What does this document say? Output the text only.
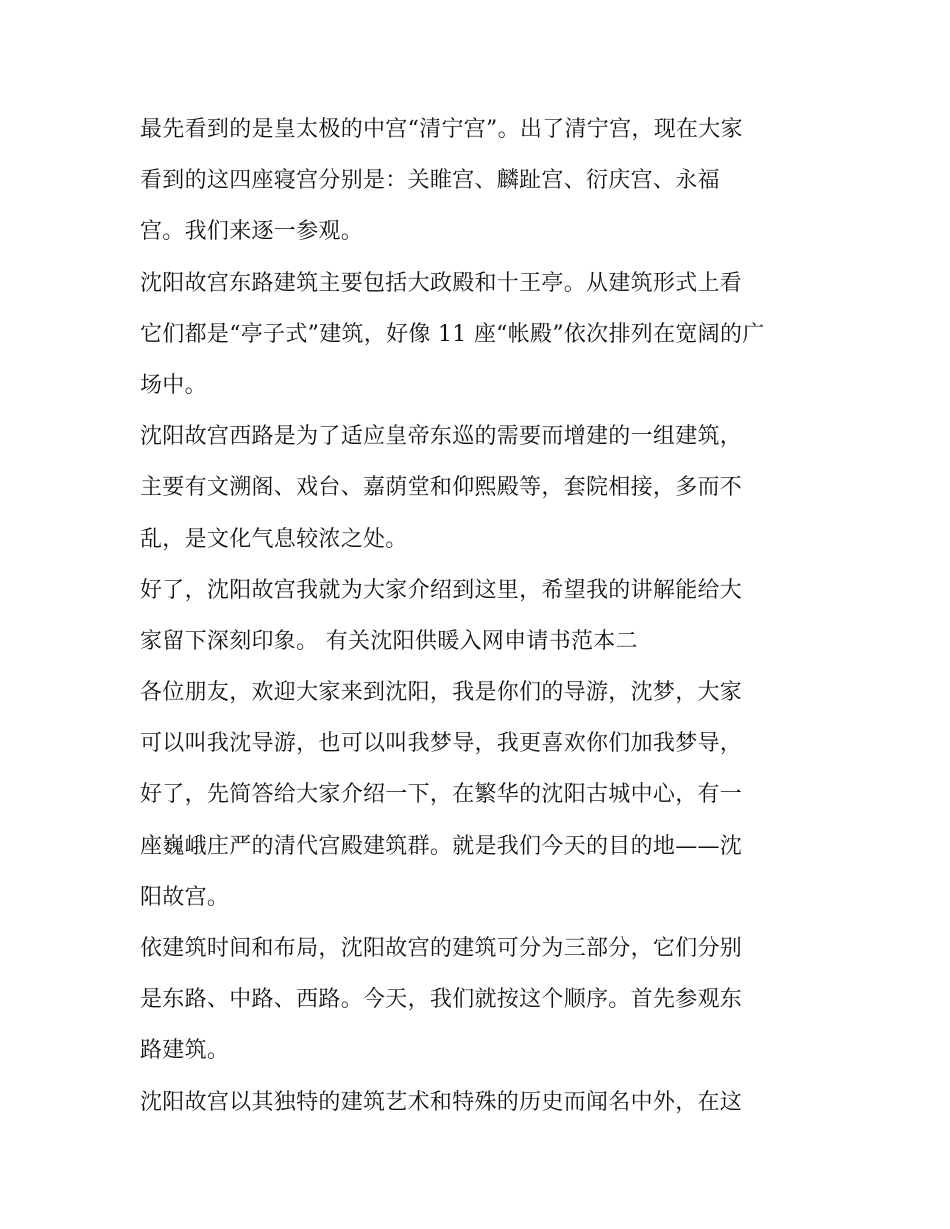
最先看到的是皇太极的中宫“清宁宫”。出了清宁宫，现在大家
看到的这四座寝宫分别是：关睢宫、麟趾宫、衍庆宫、永福
宫。我们来逐一参观。
沈阳故宫东路建筑主要包括大政殿和十王亭。从建筑形式上看
它们都是“亭子式”建筑，好像 11 座“帐殿”依次排列在宽阔的广
场中。
沈阳故宫西路是为了适应皇帝东巡的需要而增建的一组建筑，
主要有文溯阁、戏台、嘉荫堂和仰熙殿等，套院相接，多而不
乱，是文化气息较浓之处。
好了，沈阳故宫我就为大家介绍到这里，希望我的讲解能给大
家留下深刻印象。 有关沈阳供暖入网申请书范本二
各位朋友，欢迎大家来到沈阳，我是你们的导游，沈梦，大家
可以叫我沈导游，也可以叫我梦导，我更喜欢你们加我梦导，
好了，先简答给大家介绍一下，在繁华的沈阳古城中心，有一
座巍峨庄严的清代宫殿建筑群。就是我们今天的目的地——沈
阳故宫。
依建筑时间和布局，沈阳故宫的建筑可分为三部分，它们分别
是东路、中路、西路。今天，我们就按这个顺序。首先参观东
路建筑。
沈阳故宫以其独特的建筑艺术和特殊的历史而闻名中外，在这
